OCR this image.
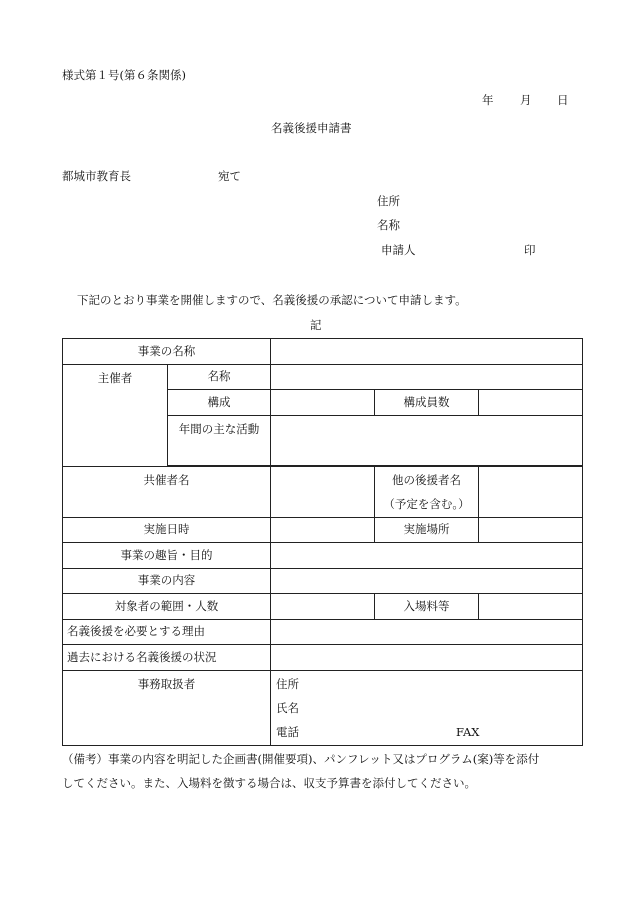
様式第１号(第６条関係)
年 月 日
名義後援申請書
都城市教育長	宛て
住所
名称
申請人	印
下記のとおり事業を開催しますので、名義後援の承認について申請します。
記
事業の名称				
主催者	名称			
	構成		構成員数	
	年間の主な活動			

共催者名			他の後援者名
（予定を含む。）	
実施日時			実施場所	
事業の趣旨・目的				
事業の内容				
対象者の範囲・人数			入場料等	
名義後援を必要とする理由				
過去における名義後援の状況				
事務取扱者		住所
氏名
電話 FAX		
（備考）事業の内容を明記した企画書(開催要項)、パンフレット又はプログラム(案)等を添付
してください。また、入場料を徴する場合は、収支予算書を添付してください。
